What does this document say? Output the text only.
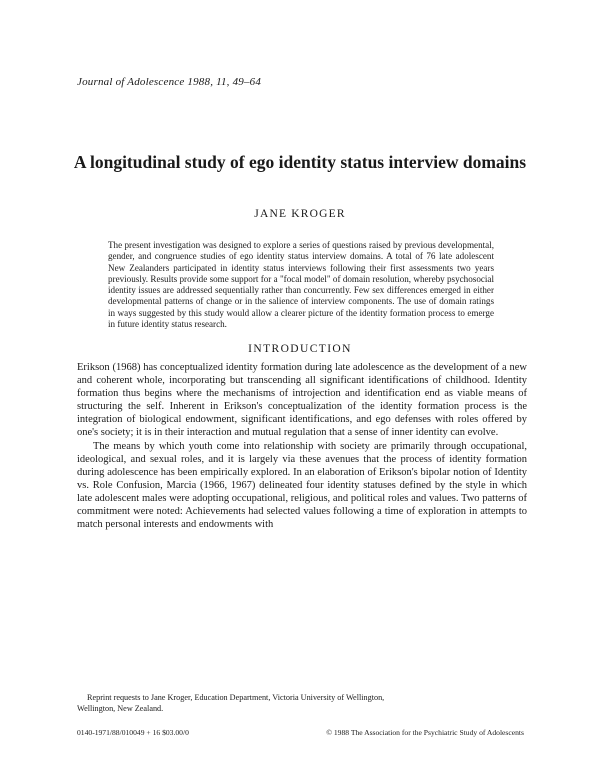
Journal of Adolescence 1988, 11, 49–64
A longitudinal study of ego identity status interview domains
JANE KROGER

The present investigation was designed to explore a series of questions raised by previous developmental, gender, and congruence studies of ego identity status interview domains. A total of 76 late adolescent New Zealanders participated in identity status interviews following their first assessments two years previously. Results provide some support for a "focal model" of domain resolution, whereby psychosocial identity issues are addressed sequentially rather than concurrently. Few sex differences emerged in either developmental patterns of change or in the salience of interview components. The use of domain ratings in ways suggested by this study would allow a clearer picture of the identity formation process to emerge in future identity status research.

INTRODUCTION

Erikson (1968) has conceptualized identity formation during late adolescence as the development of a new and coherent whole, incorporating but transcending all significant identifications of childhood. Identity formation thus begins where the mechanisms of introjection and identification end as viable means of structuring the self. Inherent in Erikson's conceptualization of the identity formation process is the integration of biological endowment, significant identifications, and ego defenses with roles offered by one's society; it is in their interaction and mutual regulation that a sense of inner identity can evolve.

The means by which youth come into relationship with society are primarily through occupational, ideological, and sexual roles, and it is largely via these avenues that the process of identity formation during adolescence has been empirically explored. In an elaboration of Erikson's bipolar notion of Identity vs. Role Confusion, Marcia (1966, 1967) delineated four identity statuses defined by the style in which late adolescent males were adopting occupational, religious, and political roles and values. Two patterns of commitment were noted: Achievements had selected values following a time of exploration in attempts to match personal interests and endowments with

Reprint requests to Jane Kroger, Education Department, Victoria University of Wellington,
Wellington, New Zealand.

0140-1971/88/010049 + 16 $03.00/0	© 1988 The Association for the Psychiatric Study of Adolescents
